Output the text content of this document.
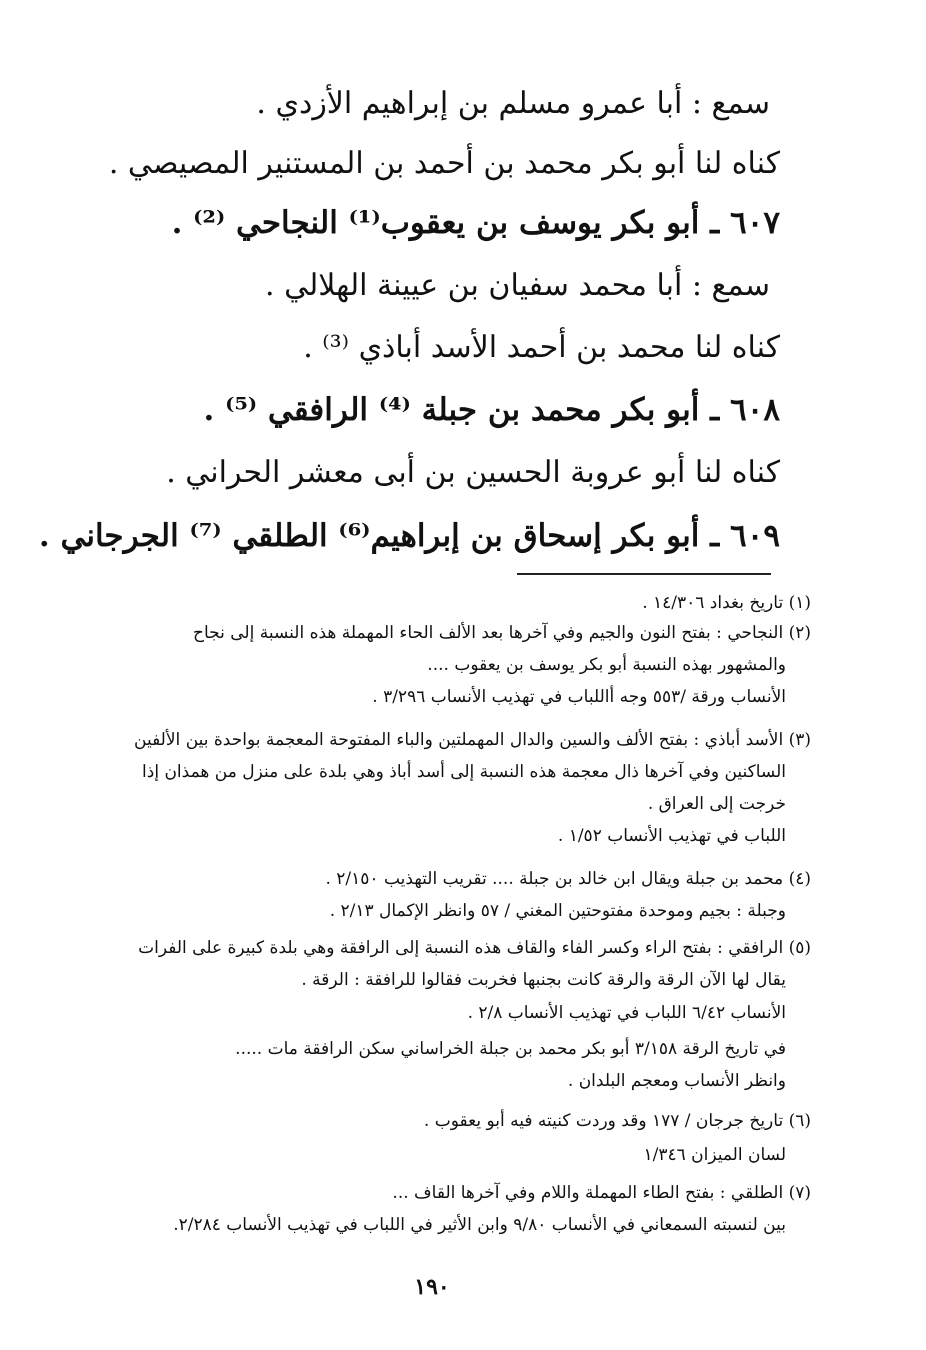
سمع : أبا عمرو مسلم بن إبراهيم الأزدي .
كناه لنا أبو بكر محمد بن أحمد بن المستنير المصيصي .
٦٠٧ ـ أبو بكر يوسف بن يعقوب⁽¹⁾ النجاحي ⁽²⁾ .
سمع : أبا محمد سفيان بن عيينة الهلالي .
كناه لنا محمد بن أحمد الأسد أباذي ⁽³⁾ .
٦٠٨ ـ أبو بكر محمد بن جبلة ⁽⁴⁾ الرافقي ⁽⁵⁾ .
كناه لنا أبو عروبة الحسين بن أبى معشر الحراني .
٦٠٩ ـ أبو بكر إسحاق بن إبراهيم⁽⁶⁾ الطلقي ⁽⁷⁾ الجرجاني .
(١) تاريخ بغداد ١٤/٣٠٦ .
(٢) النجاحي : بفتح النون والجيم وفي آخرها بعد الألف الحاء المهملة هذه النسبة إلى نجاح
والمشهور بهذه النسبة أبو بكر يوسف بن يعقوب ....
الأنساب ورقة /٥٥٣ وجه أاللباب في تهذيب الأنساب ٣/٢٩٦ .
(٣) الأسد أباذي : بفتح الألف والسين والدال المهملتين والباء المفتوحة المعجمة بواحدة بين الألفين
الساكنين وفي آخرها ذال معجمة هذه النسبة إلى أسد أباذ وهي بلدة على منزل من همذان إذا
خرجت إلى العراق .
اللباب في تهذيب الأنساب ١/٥٢ .
(٤) محمد بن جبلة ويقال ابن خالد بن جبلة .... تقريب التهذيب ٢/١٥٠ .
وجبلة : بجيم وموحدة مفتوحتين المغني / ٥٧ وانظر الإكمال ٢/١٣ .
(٥) الرافقي : بفتح الراء وكسر الفاء والقاف هذه النسبة إلى الرافقة وهي بلدة كبيرة على الفرات
يقال لها الآن الرقة والرقة كانت بجنبها فخربت فقالوا للرافقة : الرقة .
الأنساب ٦/٤٢ اللباب في تهذيب الأنساب ٢/٨ .
في تاريخ الرقة ٣/١٥٨ أبو بكر محمد بن جبلة الخراساني سكن الرافقة مات .....
وانظر الأنساب ومعجم البلدان .
(٦) تاريخ جرجان / ١٧٧ وقد وردت كنيته فيه أبو يعقوب .
لسان الميزان ١/٣٤٦
(٧) الطلقي : بفتح الطاء المهملة واللام وفي آخرها القاف ...
بين لنسبته السمعاني في الأنساب ٩/٨٠ وابن الأثير في اللباب في تهذيب الأنساب ٢/٢٨٤.
١٩٠
